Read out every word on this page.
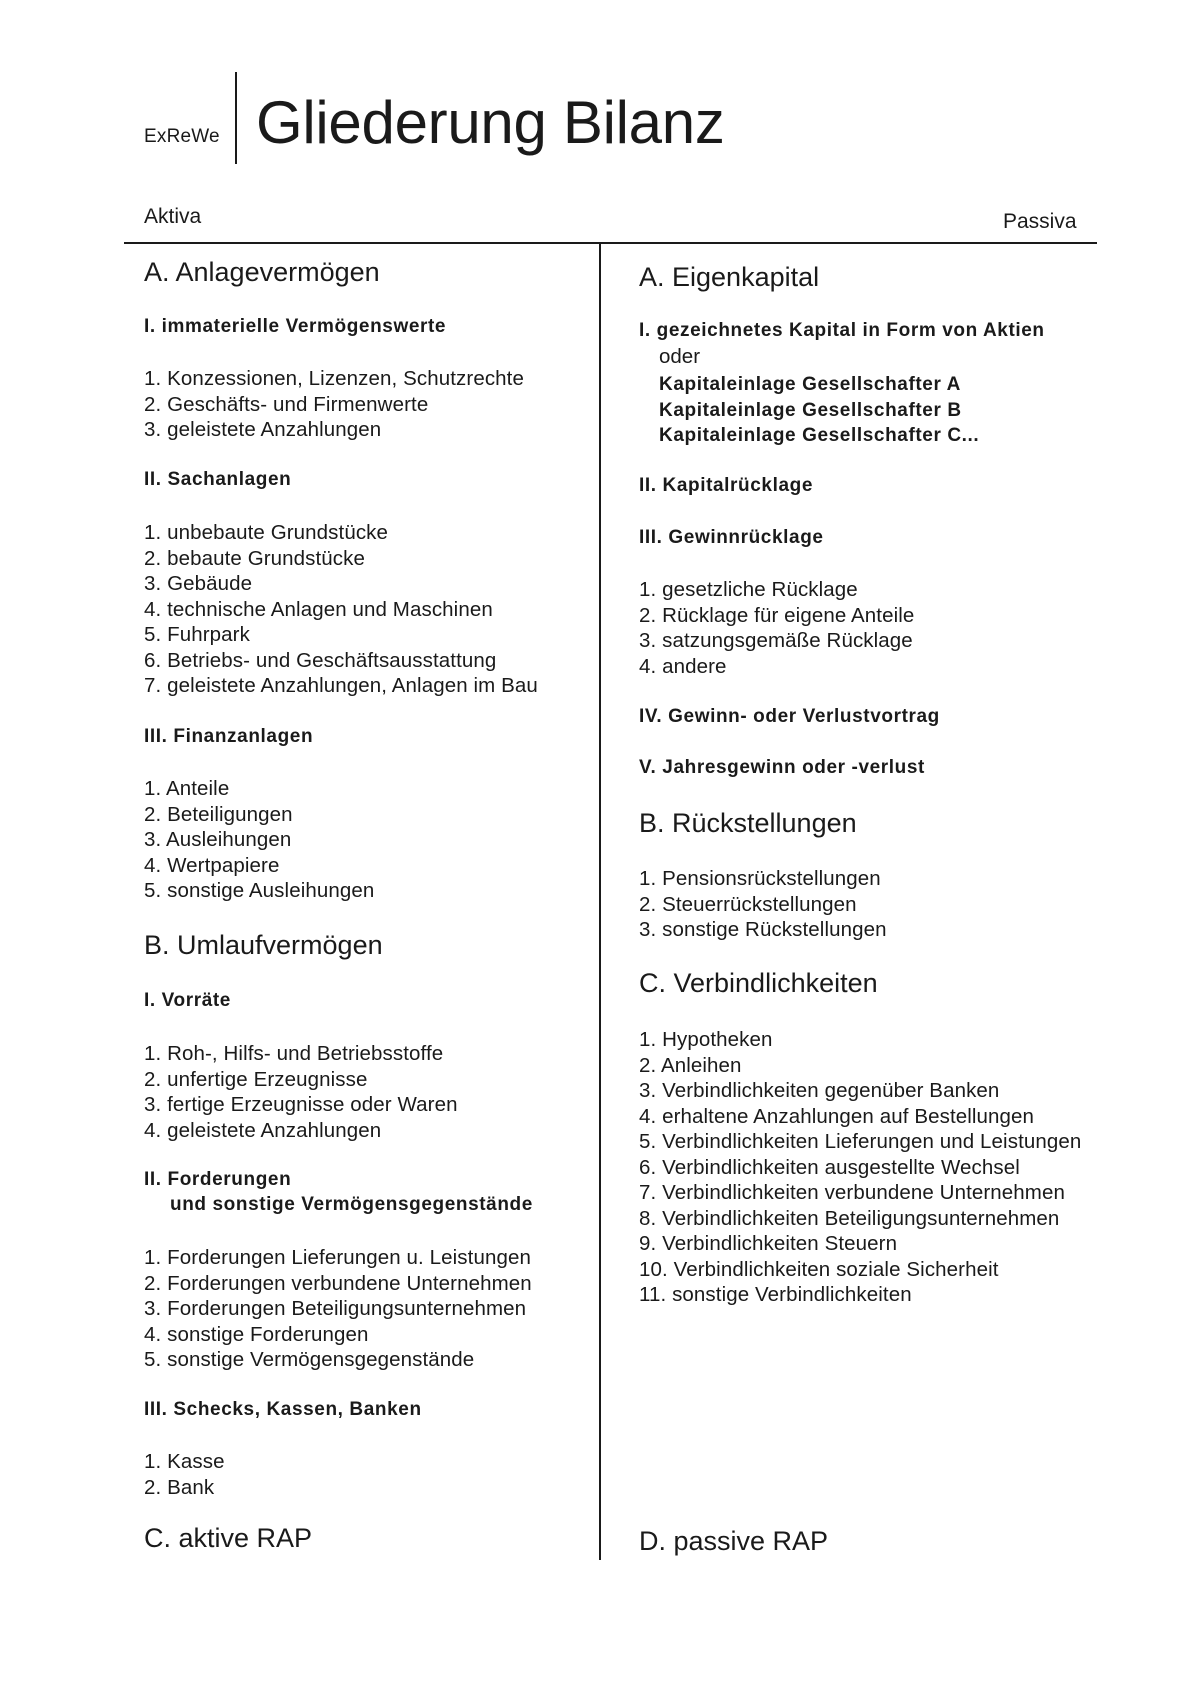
ExReWe Gliederung Bilanz
Aktiva	Passiva
A. Anlagevermögen
I. immaterielle Vermögenswerte
1. Konzessionen, Lizenzen, Schutzrechte
2. Geschäfts- und Firmenwerte
3. geleistete Anzahlungen
II. Sachanlagen
1. unbebaute Grundstücke
2. bebaute Grundstücke
3. Gebäude
4. technische Anlagen und Maschinen
5. Fuhrpark
6. Betriebs- und Geschäftsausstattung
7. geleistete Anzahlungen, Anlagen im Bau
III. Finanzanlagen
1. Anteile
2. Beteiligungen
3. Ausleihungen
4. Wertpapiere
5. sonstige Ausleihungen
B. Umlaufvermögen
I. Vorräte
1. Roh-, Hilfs- und Betriebsstoffe
2. unfertige Erzeugnisse
3. fertige Erzeugnisse oder Waren
4. geleistete Anzahlungen
II. Forderungen
und sonstige Vermögensgegenstände
1. Forderungen Lieferungen u. Leistungen
2. Forderungen verbundene Unternehmen
3. Forderungen Beteiligungsunternehmen
4. sonstige Forderungen
5. sonstige Vermögensgegenstände
III. Schecks, Kassen, Banken
1. Kasse
2. Bank
C. aktive RAP
A. Eigenkapital
I. gezeichnetes Kapital in Form von Aktien
oder
Kapitaleinlage Gesellschafter A
Kapitaleinlage Gesellschafter B
Kapitaleinlage Gesellschafter C...
II. Kapitalrücklage
III. Gewinnrücklage
1. gesetzliche Rücklage
2. Rücklage für eigene Anteile
3. satzungsgemäße Rücklage
4. andere
IV. Gewinn- oder Verlustvortrag
V. Jahresgewinn oder -verlust
B. Rückstellungen
1. Pensionsrückstellungen
2. Steuerrückstellungen
3. sonstige Rückstellungen
C. Verbindlichkeiten
1. Hypotheken
2. Anleihen
3. Verbindlichkeiten gegenüber Banken
4. erhaltene Anzahlungen auf Bestellungen
5. Verbindlichkeiten Lieferungen und Leistungen
6. Verbindlichkeiten ausgestellte Wechsel
7. Verbindlichkeiten verbundene Unternehmen
8. Verbindlichkeiten Beteiligungsunternehmen
9. Verbindlichkeiten Steuern
10. Verbindlichkeiten soziale Sicherheit
11. sonstige Verbindlichkeiten
D. passive RAP
